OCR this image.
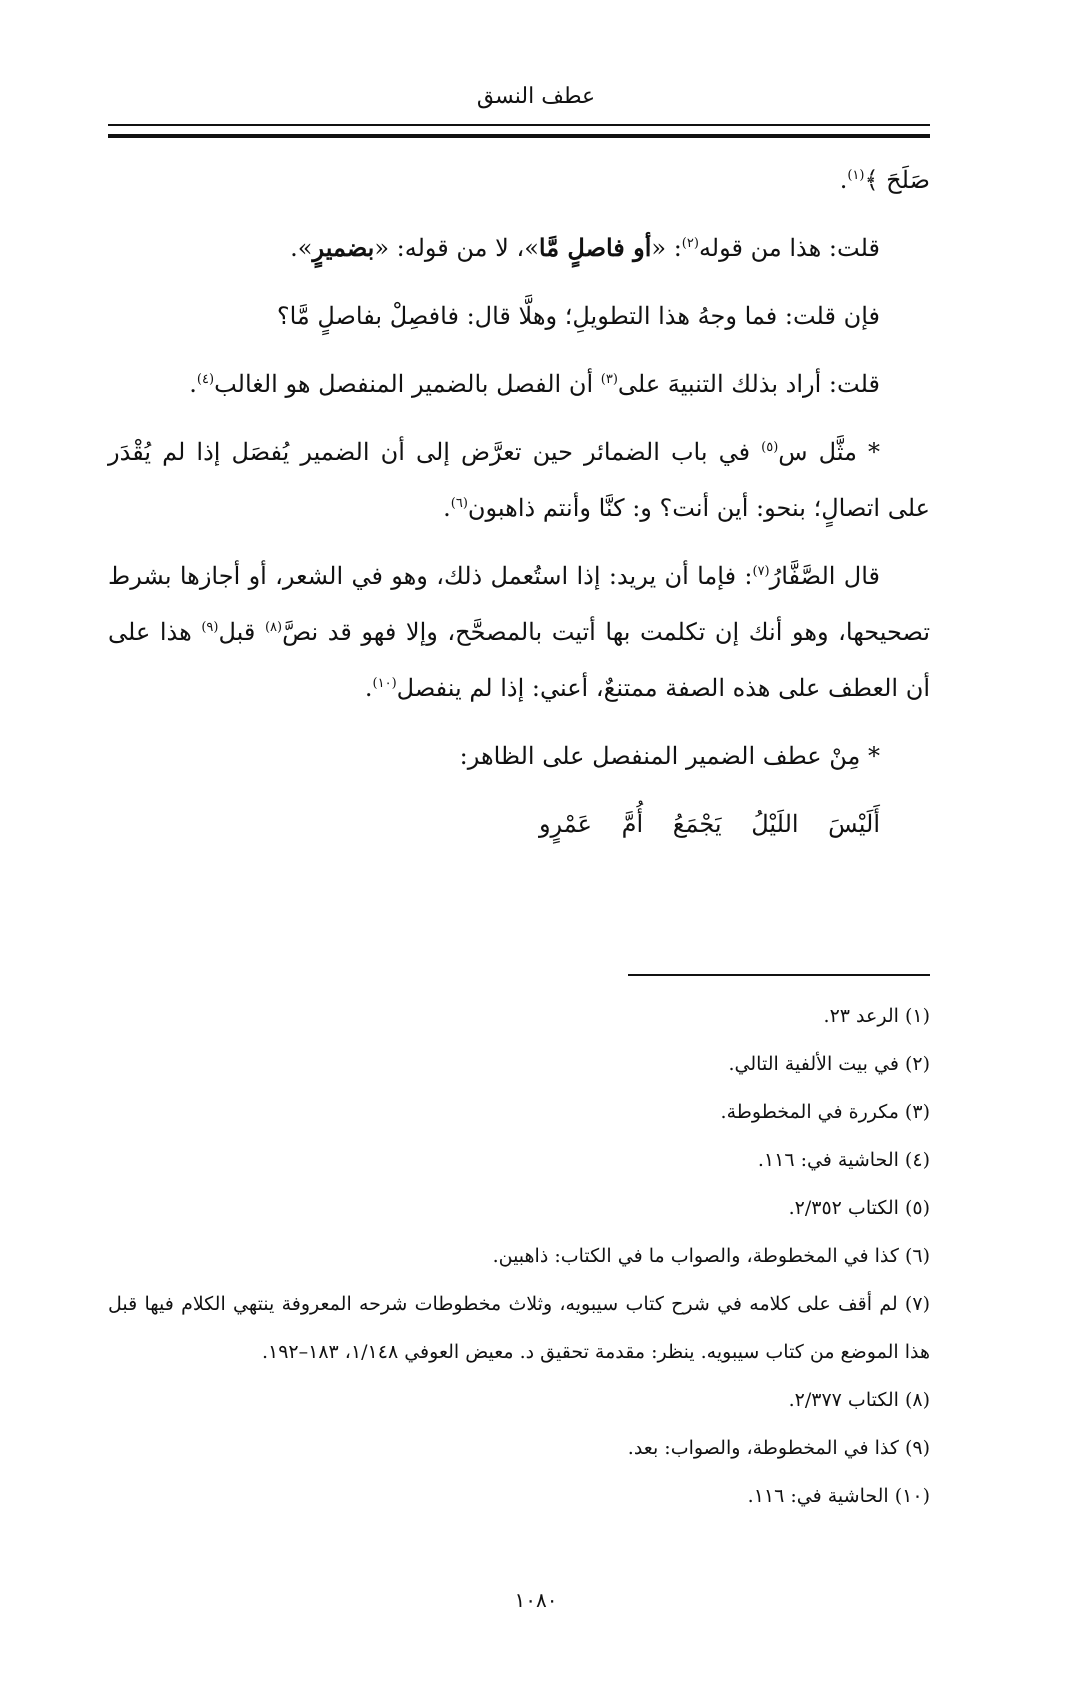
عطف النسق

صَلَحَ ﴾$^{(١)}$.

قلت: هذا من قوله$^{(٢)}$: «أو فاصلٍ مَّا»، لا من قوله: «بضميرٍ».

فإن قلت: فما وجهُ هذا التطويلِ؛ وهلَّا قال: فافصِلْ بفاصلٍ مَّا؟

قلت: أراد بذلك التنبيهَ على$^{(٣)}$ أن الفصل بالضمير المنفصل هو الغالب$^{(٤)}$.

* مثَّل س$^{(٥)}$ في باب الضمائر حين تعرَّض إلى أن الضمير يُفصَل إذا لم يُقْدَر على اتصالٍ؛ بنحو: أين أنت؟ و: كنَّا وأنتم ذاهبون$^{(٦)}$.

قال الصَّفَّارُ$^{(٧)}$: فإما أن يريد: إذا استُعمل ذلك، وهو في الشعر، أو أجازها بشرط تصحيحها، وهو أنك إن تكلمت بها أتيت بالمصحَّح، وإلا فهو قد نصَّ$^{(٨)}$ قبل$^{(٩)}$ هذا على أن العطف على هذه الصفة ممتنعٌ، أعني: إذا لم ينفصل$^{(١٠)}$.

* مِنْ عطف الضمير المنفصل على الظاهر:

أَلَيْسَ اللَيْلُ يَجْمَعُ أُمَّ عَمْرٍو

(١) الرعد ٢٣.

(٢) في بيت الألفية التالي.

(٣) مكررة في المخطوطة.

(٤) الحاشية في: ١١٦.

(٥) الكتاب ٢/٣٥٢.

(٦) كذا في المخطوطة، والصواب ما في الكتاب: ذاهبين.

(٧) لم أقف على كلامه في شرح كتاب سيبويه، وثلاث مخطوطات شرحه المعروفة ينتهي الكلام فيها قبل هذا الموضع من كتاب سيبويه. ينظر: مقدمة تحقيق د. معيض العوفي ١/١٤٨، ١٨٣–١٩٢.

(٨) الكتاب ٢/٣٧٧.

(٩) كذا في المخطوطة، والصواب: بعد.

(١٠) الحاشية في: ١١٦.

١٠٨٠
